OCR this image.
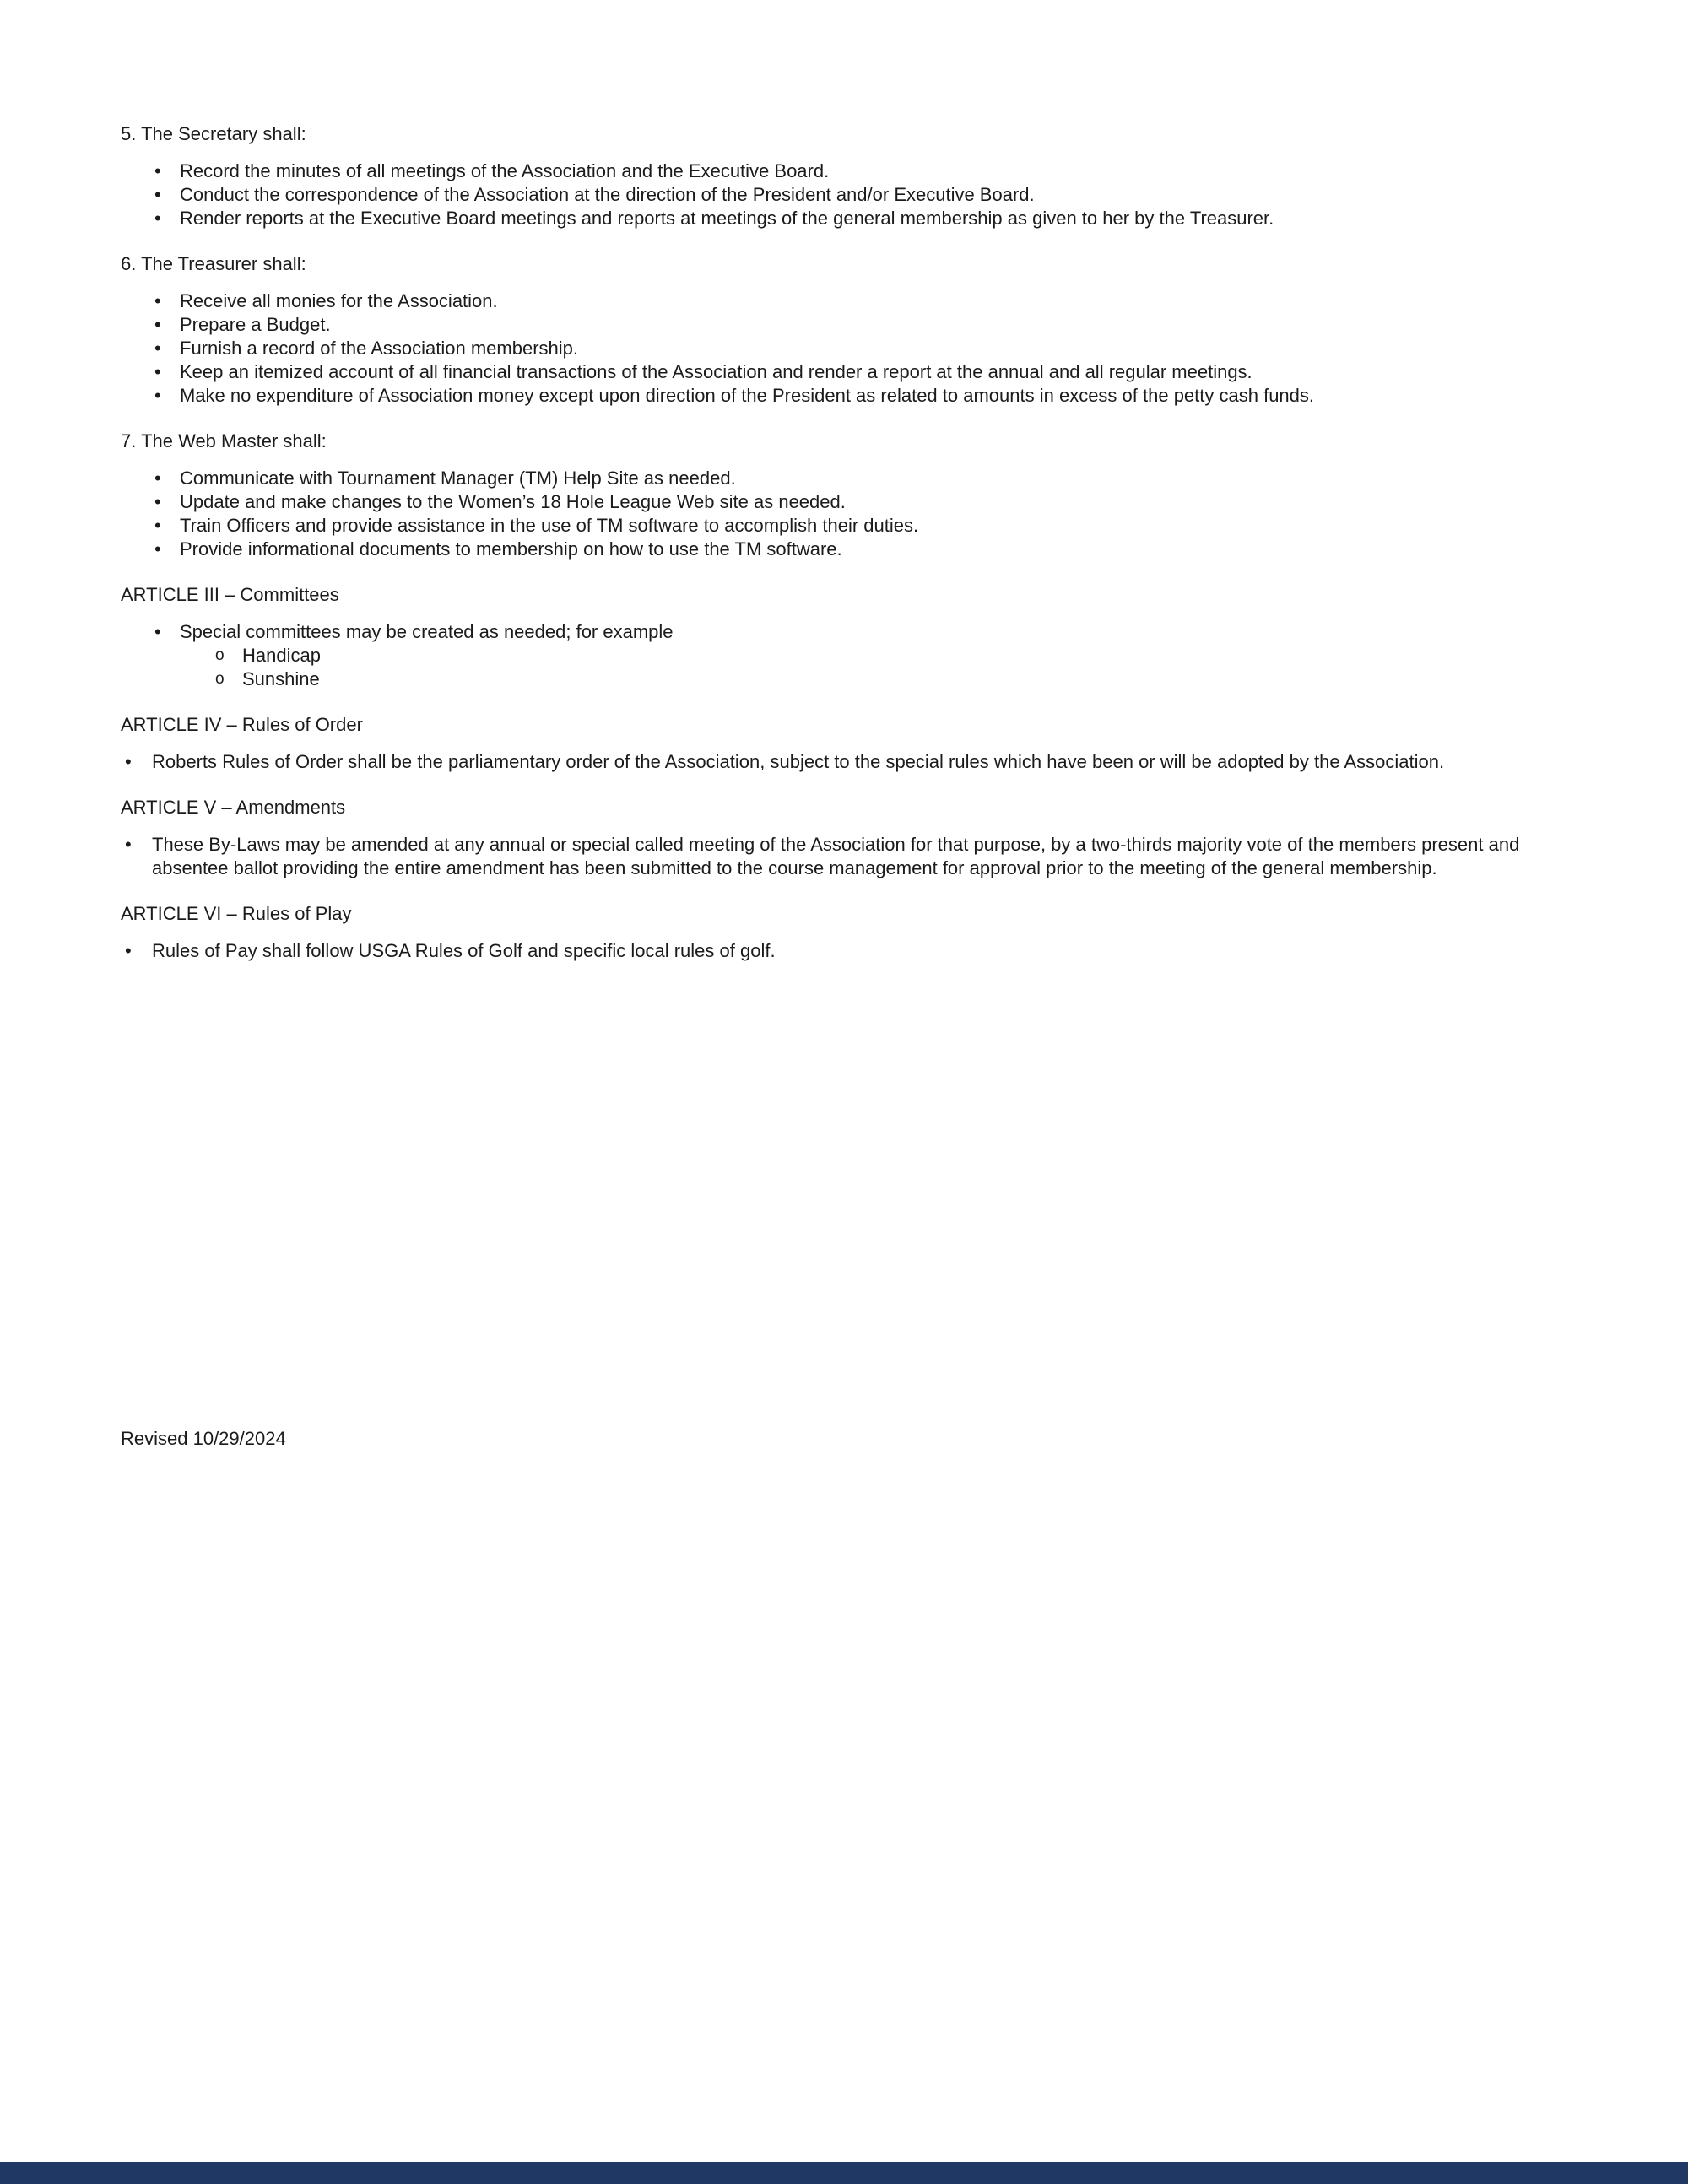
5. The Secretary shall:

• Record the minutes of all meetings of the Association and the Executive Board.
• Conduct the correspondence of the Association at the direction of the President and/or Executive Board.
• Render reports at the Executive Board meetings and reports at meetings of the general membership as given to her by the Treasurer.

6. The Treasurer shall:

• Receive all monies for the Association.
• Prepare a Budget.
• Furnish a record of the Association membership.
• Keep an itemized account of all financial transactions of the Association and render a report at the annual and all regular meetings.
• Make no expenditure of Association money except upon direction of the President as related to amounts in excess of the petty cash funds.

7. The Web Master shall:

• Communicate with Tournament Manager (TM) Help Site as needed.
• Update and make changes to the Women’s 18 Hole League Web site as needed.
• Train Officers and provide assistance in the use of TM software to accomplish their duties.
• Provide informational documents to membership on how to use the TM software.

ARTICLE III – Committees

• Special committees may be created as needed; for example
o Handicap
o Sunshine

ARTICLE IV – Rules of Order

• Roberts Rules of Order shall be the parliamentary order of the Association, subject to the special rules which have been or will be adopted by the Association.

ARTICLE V – Amendments

• These By-Laws may be amended at any annual or special called meeting of the Association for that purpose, by a two-thirds majority vote of the members present and absentee ballot providing the entire amendment has been submitted to the course management for approval prior to the meeting of the general membership.

ARTICLE VI – Rules of Play

• Rules of Pay shall follow USGA Rules of Golf and specific local rules of golf.

Revised 10/29/2024
